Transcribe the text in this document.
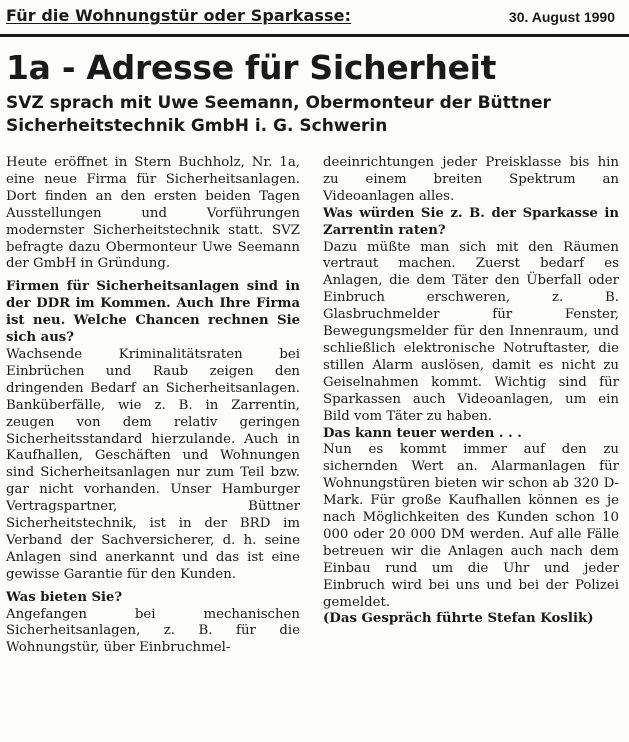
Für die Wohnungstür oder Sparkasse:	30. August 1990
1a - Adresse für Sicherheit
SVZ sprach mit Uwe Seemann, Obermonteur der Büttner
Sicherheitstechnik GmbH i. G. Schwerin

Heute eröffnet in Stern Buchholz, Nr. 1a, eine neue Firma für Sicherheitsanlagen. Dort finden an den ersten beiden Tagen Ausstellungen und Vorführungen modernster Sicherheitstechnik statt. SVZ befragte dazu Obermonteur Uwe Seemann der GmbH in Gründung.

Firmen für Sicherheitsanlagen sind in der DDR im Kommen. Auch Ihre Firma ist neu. Welche Chancen rechnen Sie sich aus?

Wachsende Kriminalitätsraten bei Einbrüchen und Raub zeigen den dringenden Bedarf an Sicherheitsanlagen. Banküberfälle, wie z. B. in Zarrentin, zeugen von dem relativ geringen Sicherheitsstandard hierzulande. Auch in Kaufhallen, Geschäften und Wohnungen sind Sicherheitsanlagen nur zum Teil bzw. gar nicht vorhanden. Unser Hamburger Vertragspartner, Büttner Sicherheitstechnik, ist in der BRD im Verband der Sachversicherer, d. h. seine Anlagen sind anerkannt und das ist eine gewisse Garantie für den Kunden.

Was bieten Sie?

Angefangen bei mechanischen Sicherheitsanlagen, z. B. für die Wohnungstür, über Einbruchmel-

deeinrichtungen jeder Preisklasse bis hin zu einem breiten Spektrum an Videoanlagen alles.

Was würden Sie z. B. der Sparkasse in Zarrentin raten?

Dazu müßte man sich mit den Räumen vertraut machen. Zuerst bedarf es Anlagen, die dem Täter den Überfall oder Einbruch erschweren, z. B. Glasbruchmelder für Fenster, Bewegungsmelder für den Innenraum, und schließlich elektronische Notruftaster, die stillen Alarm auslösen, damit es nicht zu Geiselnahmen kommt. Wichtig sind für Sparkassen auch Videoanlagen, um ein Bild vom Täter zu haben.

Das kann teuer werden . . .

Nun es kommt immer auf den zu sichernden Wert an. Alarmanlagen für Wohnungstüren bieten wir schon ab 320 D-Mark. Für große Kaufhallen können es je nach Möglichkeiten des Kunden schon 10 000 oder 20 000 DM werden. Auf alle Fälle betreuen wir die Anlagen auch nach dem Einbau rund um die Uhr und jeder Einbruch wird bei uns und bei der Polizei gemeldet.

(Das Gespräch führte Stefan Koslik)
